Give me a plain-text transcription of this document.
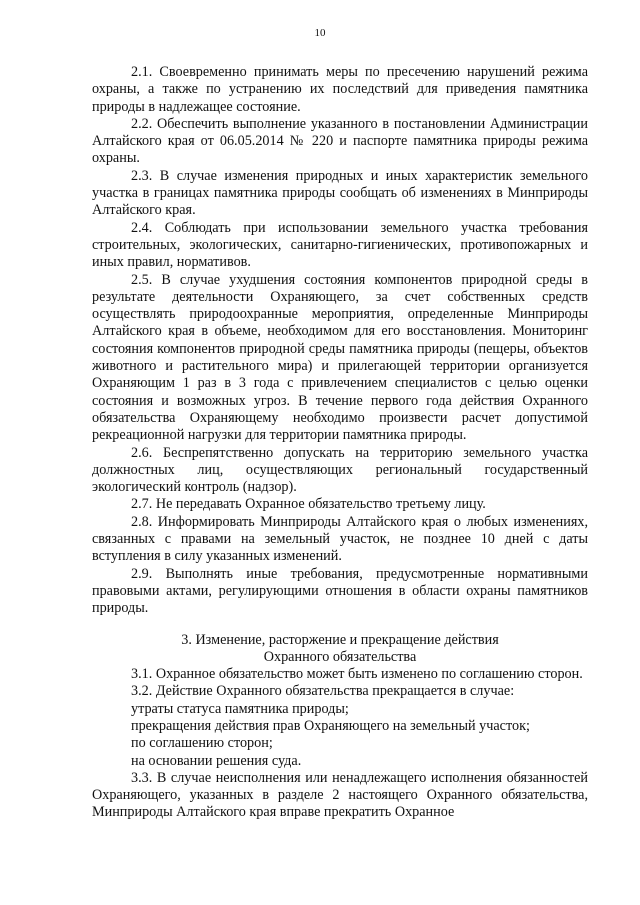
10

2.1. Своевременно принимать меры по пресечению нарушений режима охраны, а также по устранению их последствий для приведения памятника природы в надлежащее состояние.

2.2. Обеспечить выполнение указанного в постановлении Администрации Алтайского края от 06.05.2014 № 220 и паспорте памятника природы режима охраны.

2.3. В случае изменения природных и иных характеристик земельного участка в границах памятника природы сообщать об изменениях в Минприроды Алтайского края.

2.4. Соблюдать при использовании земельного участка требования строительных, экологических, санитарно-гигиенических, противопожарных и иных правил, нормативов.

2.5. В случае ухудшения состояния компонентов природной среды в результате деятельности Охраняющего, за счет собственных средств осуществлять природоохранные мероприятия, определенные Минприроды Алтайского края в объеме, необходимом для его восстановления. Мониторинг состояния компонентов природной среды памятника природы (пещеры, объектов животного и растительного мира) и прилегающей территории организуется Охраняющим 1 раз в 3 года с привлечением специалистов с целью оценки состояния и возможных угроз. В течение первого года действия Охранного обязательства Охраняющему необходимо произвести расчет допустимой рекреационной нагрузки для территории памятника природы.

2.6. Беспрепятственно допускать на территорию земельного участка должностных лиц, осуществляющих региональный государственный экологический контроль (надзор).

2.7. Не передавать Охранное обязательство третьему лицу.

2.8. Информировать Минприроды Алтайского края о любых изменениях, связанных с правами на земельный участок, не позднее 10 дней с даты вступления в силу указанных изменений.

2.9. Выполнять иные требования, предусмотренные нормативными правовыми актами, регулирующими отношения в области охраны памятников природы.

3. Изменение, расторжение и прекращение действия

Охранного обязательства

3.1. Охранное обязательство может быть изменено по соглашению сторон.

3.2. Действие Охранного обязательства прекращается в случае:

утраты статуса памятника природы;

прекращения действия прав Охраняющего на земельный участок;

по соглашению сторон;

на основании решения суда.

3.3. В случае неисполнения или ненадлежащего исполнения обязанностей Охраняющего, указанных в разделе 2 настоящего Охранного обязательства, Минприроды Алтайского края вправе прекратить Охранное
